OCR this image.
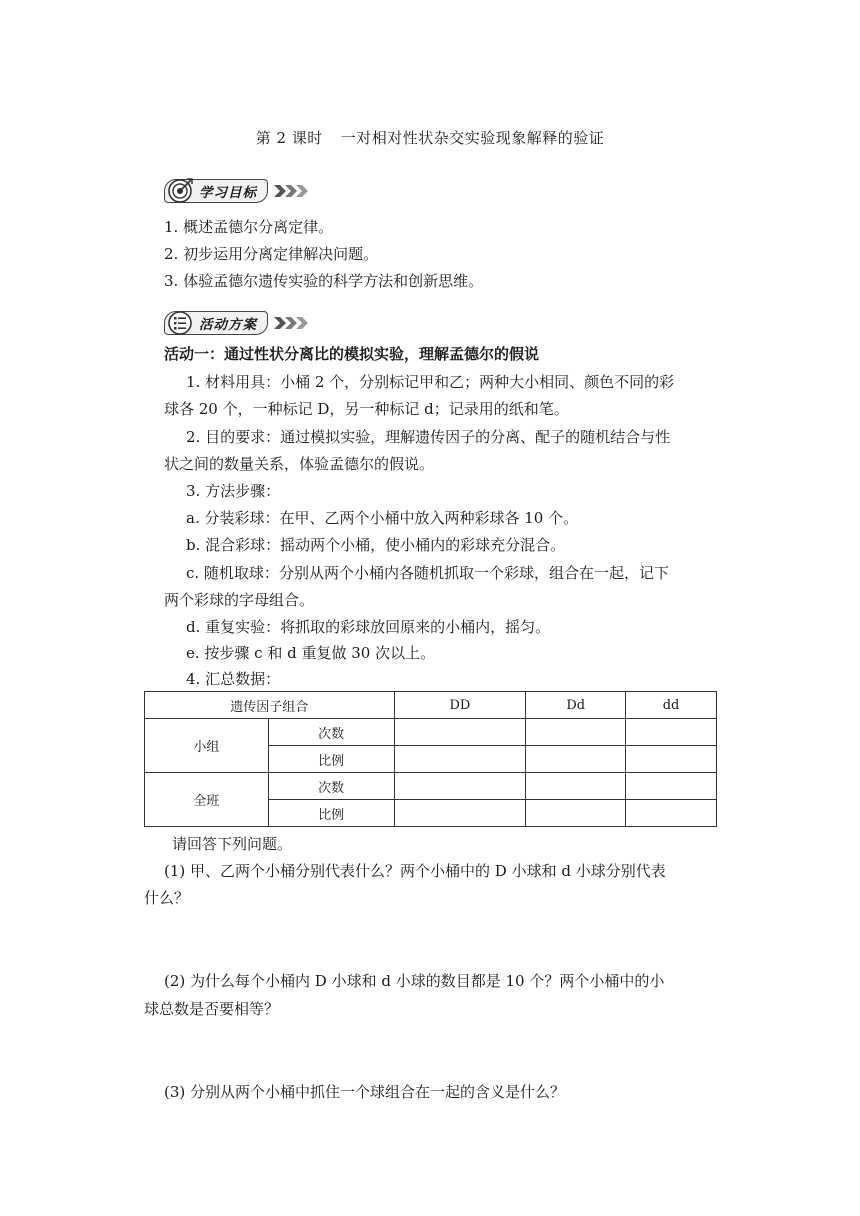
第 2 课时 一对相对性状杂交实验现象解释的验证
学习目标
1. 概述孟德尔分离定律。
2. 初步运用分离定律解决问题。
3. 体验孟德尔遗传实验的科学方法和创新思维。
活动方案
活动一：通过性状分离比的模拟实验，理解孟德尔的假说
1. 材料用具：小桶 2 个，分别标记甲和乙；两种大小相同、颜色不同的彩
球各 20 个，一种标记 D，另一种标记 d；记录用的纸和笔。
2. 目的要求：通过模拟实验，理解遗传因子的分离、配子的随机结合与性
状之间的数量关系，体验孟德尔的假说。
3. 方法步骤：
a. 分装彩球：在甲、乙两个小桶中放入两种彩球各 10 个。
b. 混合彩球：摇动两个小桶，使小桶内的彩球充分混合。
c. 随机取球：分别从两个小桶内各随机抓取一个彩球，组合在一起，记下
两个彩球的字母组合。
d. 重复实验：将抓取的彩球放回原来的小桶内，摇匀。
e. 按步骤 c 和 d 重复做 30 次以上。
4. 汇总数据：
遗传因子组合		DD	Dd	dd
小组	次数			
	比例			
全班	次数			
	比例			
请回答下列问题。
(1) 甲、乙两个小桶分别代表什么？两个小桶中的 D 小球和 d 小球分别代表
什么？
(2) 为什么每个小桶内 D 小球和 d 小球的数目都是 10 个？两个小桶中的小
球总数是否要相等？
(3) 分别从两个小桶中抓住一个球组合在一起的含义是什么？
